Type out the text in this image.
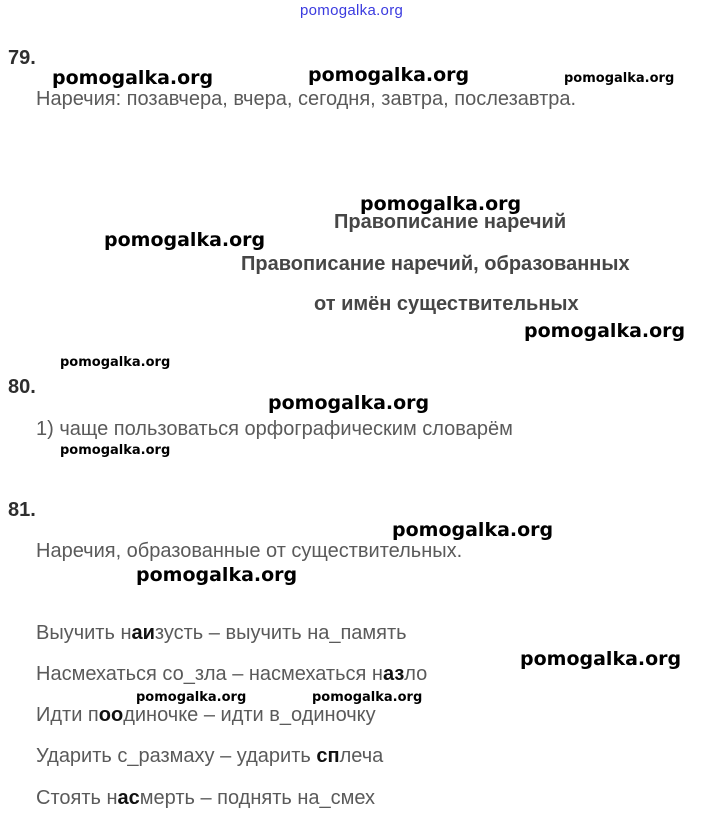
pomogalka.org
79.
Наречия: позавчера, вчера, сегодня, завтра, послезавтра.
Правописание наречий
Правописание наречий, образованных
от имён существительных
80.
1) чаще пользоваться орфографическим словарём
81.
Наречия, образованные от существительных.
Выучить наизусть – выучить на_память
Насмехаться со_зла – насмехаться назло
Идти поодиночке – идти в_одиночку
Ударить с_размаху – ударить сплеча
Стоять насмерть – поднять на_смех
pomogalka.org	pomogalka.org	pomogalka.org
pomogalka.org
pomogalka.org
pomogalka.org
pomogalka.org
pomogalka.org
pomogalka.org
pomogalka.org
pomogalka.org
pomogalka.org
pomogalka.org	pomogalka.org
